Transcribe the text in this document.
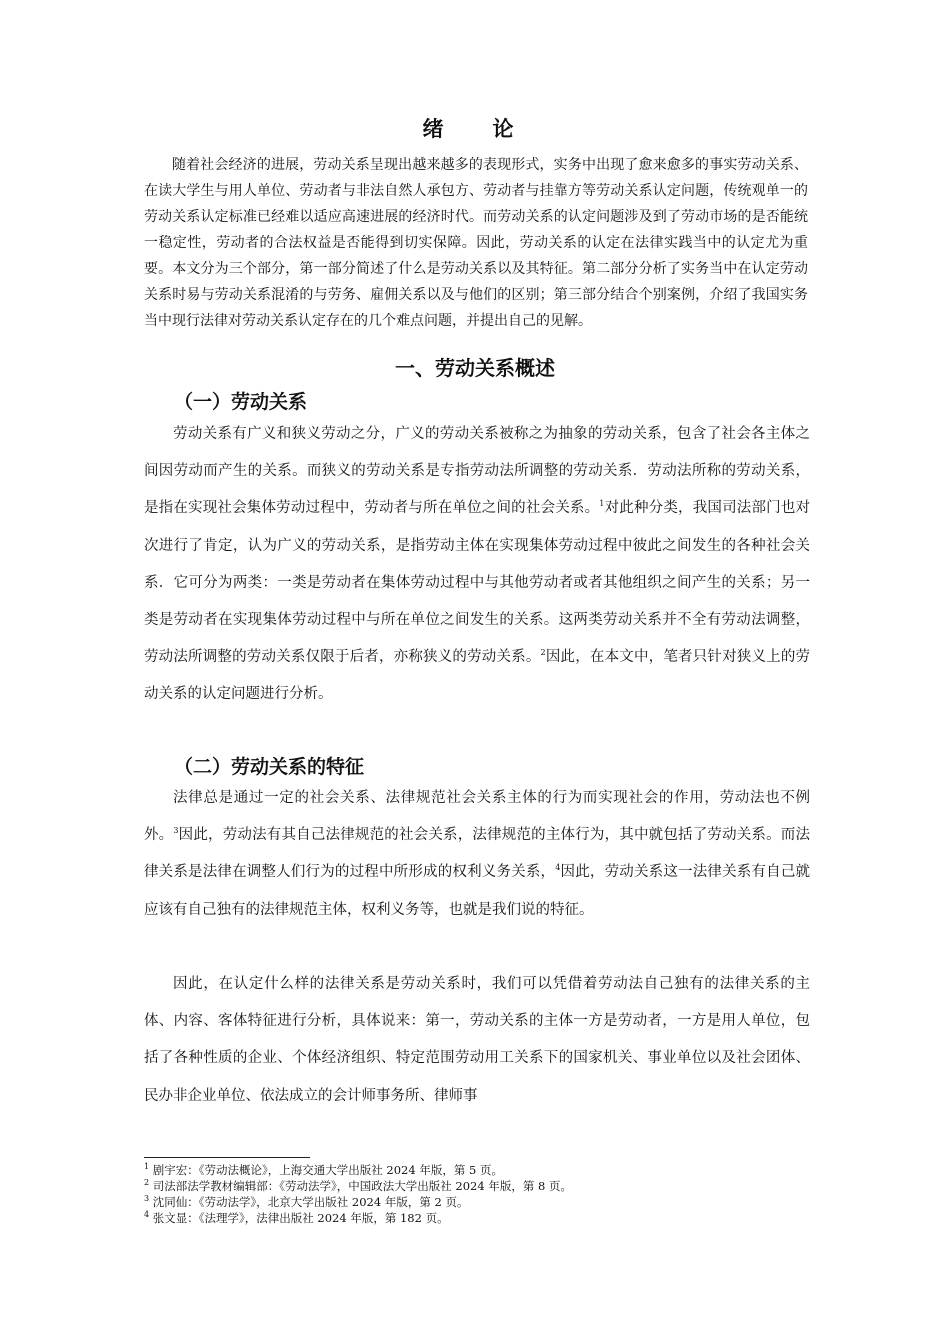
绪　论

随着社会经济的进展，劳动关系呈现出越来越多的表现形式，实务中出现了愈来愈多的事实劳动关系、在读大学生与用人单位、劳动者与非法自然人承包方、劳动者与挂靠方等劳动关系认定问题，传统观单一的劳动关系认定标准已经难以适应高速进展的经济时代。而劳动关系的认定问题涉及到了劳动市场的是否能统一稳定性，劳动者的合法权益是否能得到切实保障。因此，劳动关系的认定在法律实践当中的认定尤为重要。本文分为三个部分，第一部分简述了什么是劳动关系以及其特征。第二部分分析了实务当中在认定劳动关系时易与劳动关系混淆的与劳务、雇佣关系以及与他们的区别；第三部分结合个别案例，介绍了我国实务当中现行法律对劳动关系认定存在的几个难点问题，并提出自己的见解。

一、劳动关系概述
（一）劳动关系

劳动关系有广义和狭义劳动之分，广义的劳动关系被称之为抽象的劳动关系，包含了社会各主体之间因劳动而产生的关系。而狭义的劳动关系是专指劳动法所调整的劳动关系．劳动法所称的劳动关系，是指在实现社会集体劳动过程中，劳动者与所在单位之间的社会关系。$^1$对此种分类，我国司法部门也对次进行了肯定，认为广义的劳动关系，是指劳动主体在实现集体劳动过程中彼此之间发生的各种社会关系．它可分为两类：一类是劳动者在集体劳动过程中与其他劳动者或者其他组织之间产生的关系；另一类是劳动者在实现集体劳动过程中与所在单位之间发生的关系。这两类劳动关系并不全有劳动法调整，劳动法所调整的劳动关系仅限于后者，亦称狭义的劳动关系。$^2$因此，在本文中，笔者只针对狭义上的劳动关系的认定问题进行分析。

（二）劳动关系的特征

法律总是通过一定的社会关系、法律规范社会关系主体的行为而实现社会的作用，劳动法也不例外。$^3$因此，劳动法有其自己法律规范的社会关系，法律规范的主体行为，其中就包括了劳动关系。而法律关系是法律在调整人们行为的过程中所形成的权利义务关系，$^4$因此，劳动关系这一法律关系有自己就应该有自己独有的法律规范主体，权利义务等，也就是我们说的特征。

因此，在认定什么样的法律关系是劳动关系时，我们可以凭借着劳动法自己独有的法律关系的主体、内容、客体特征进行分析，具体说来：第一，劳动关系的主体一方是劳动者，一方是用人单位，包括了各种性质的企业、个体经济组织、特定范围劳动用工关系下的国家机关、事业单位以及社会团体、民办非企业单位、依法成立的会计师事务所、律师事

$^1$ 剧宇宏：《劳动法概论》，上海交通大学出版社 2024 年版，第 5 页。
$^2$ 司法部法学教材编辑部：《劳动法学》，中国政法大学出版社 2024 年版，第 8 页。
$^3$ 沈同仙：《劳动法学》，北京大学出版社 2024 年版，第 2 页。
$^4$ 张文显：《法理学》，法律出版社 2024 年版，第 182 页。
